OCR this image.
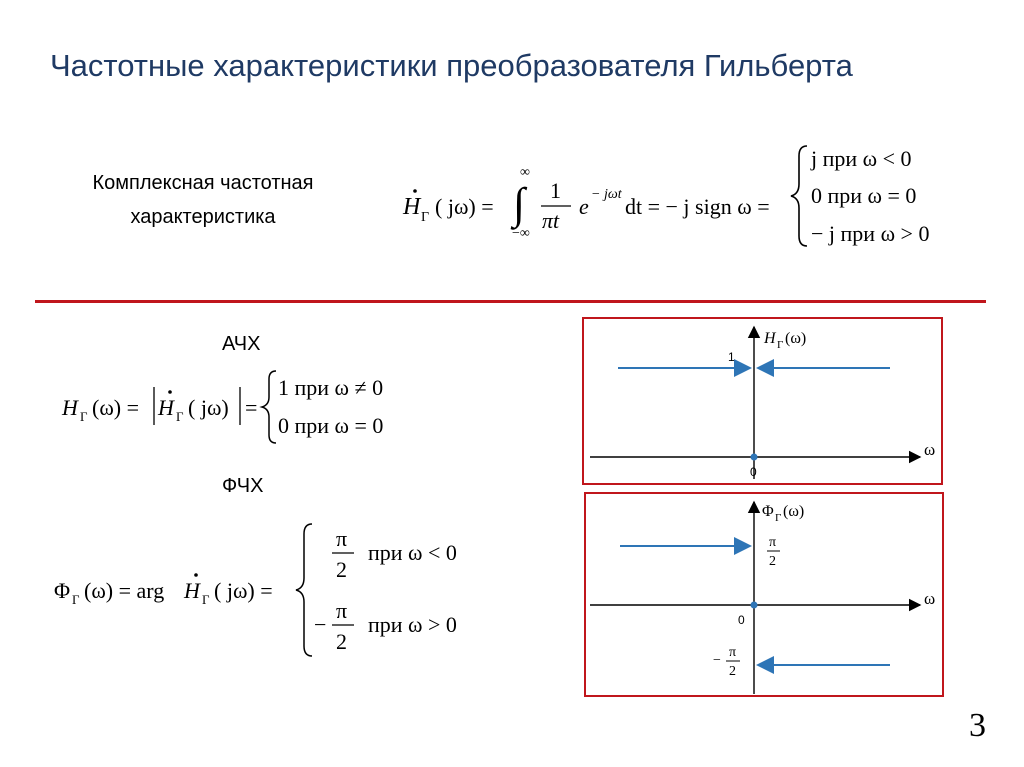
Частотные характеристики преобразователя Гильберта
Комплексная частотная
характеристика	H Г ( jω) = ∫
∞
−∞
1
πt
e − jωt dt = − j sign ω =
j при ω < 0
0 при ω = 0
− j при ω > 0
АЧХ
H Г (ω) = H Г ( jω) =
1 при ω ≠ 0
0 при ω = 0
ФЧХ
Φ Г (ω) = arg H Г ( jω) =
π
2
при ω < 0
−
π
2
при ω > 0
H Г (ω)
1
0
ω
Φ Г (ω)
π
2
−
π
2
0
ω
3
